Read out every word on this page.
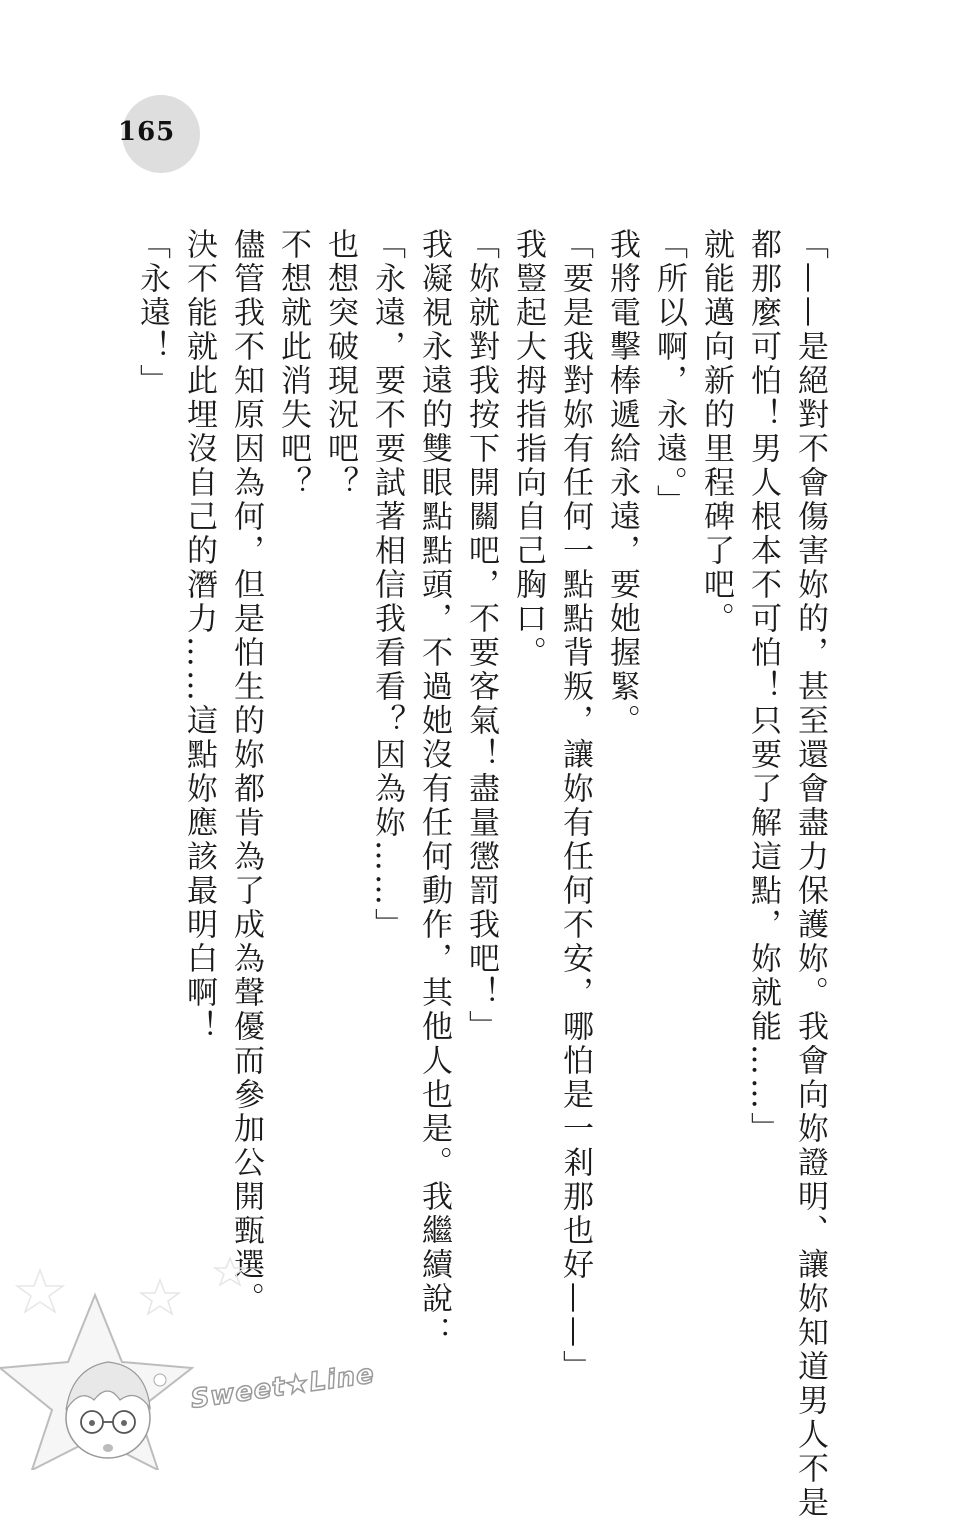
165

「——是絕對不會傷害妳的，甚至還會盡力保護妳。我會向妳證明、讓妳知道男人不是

都那麼可怕！男人根本不可怕！只要了解這點，妳就能……」

就能邁向新的里程碑了吧。

「所以啊，永遠。」

我將電擊棒遞給永遠，要她握緊。

「要是我對妳有任何一點點背叛，讓妳有任何不安，哪怕是一剎那也好——」

我豎起大拇指指向自己胸口。

「妳就對我按下開關吧，不要客氣！盡量懲罰我吧！」

我凝視永遠的雙眼點點頭，不過她沒有任何動作，其他人也是。我繼續說：

「永遠，要不要試著相信我看看？因為妳……」

也想突破現況吧？

不想就此消失吧？

儘管我不知原因為何，但是怕生的妳都肯為了成為聲優而參加公開甄選。

決不能就此埋沒自己的潛力……這點妳應該最明白啊！

「永遠！」

Sweet★Line
